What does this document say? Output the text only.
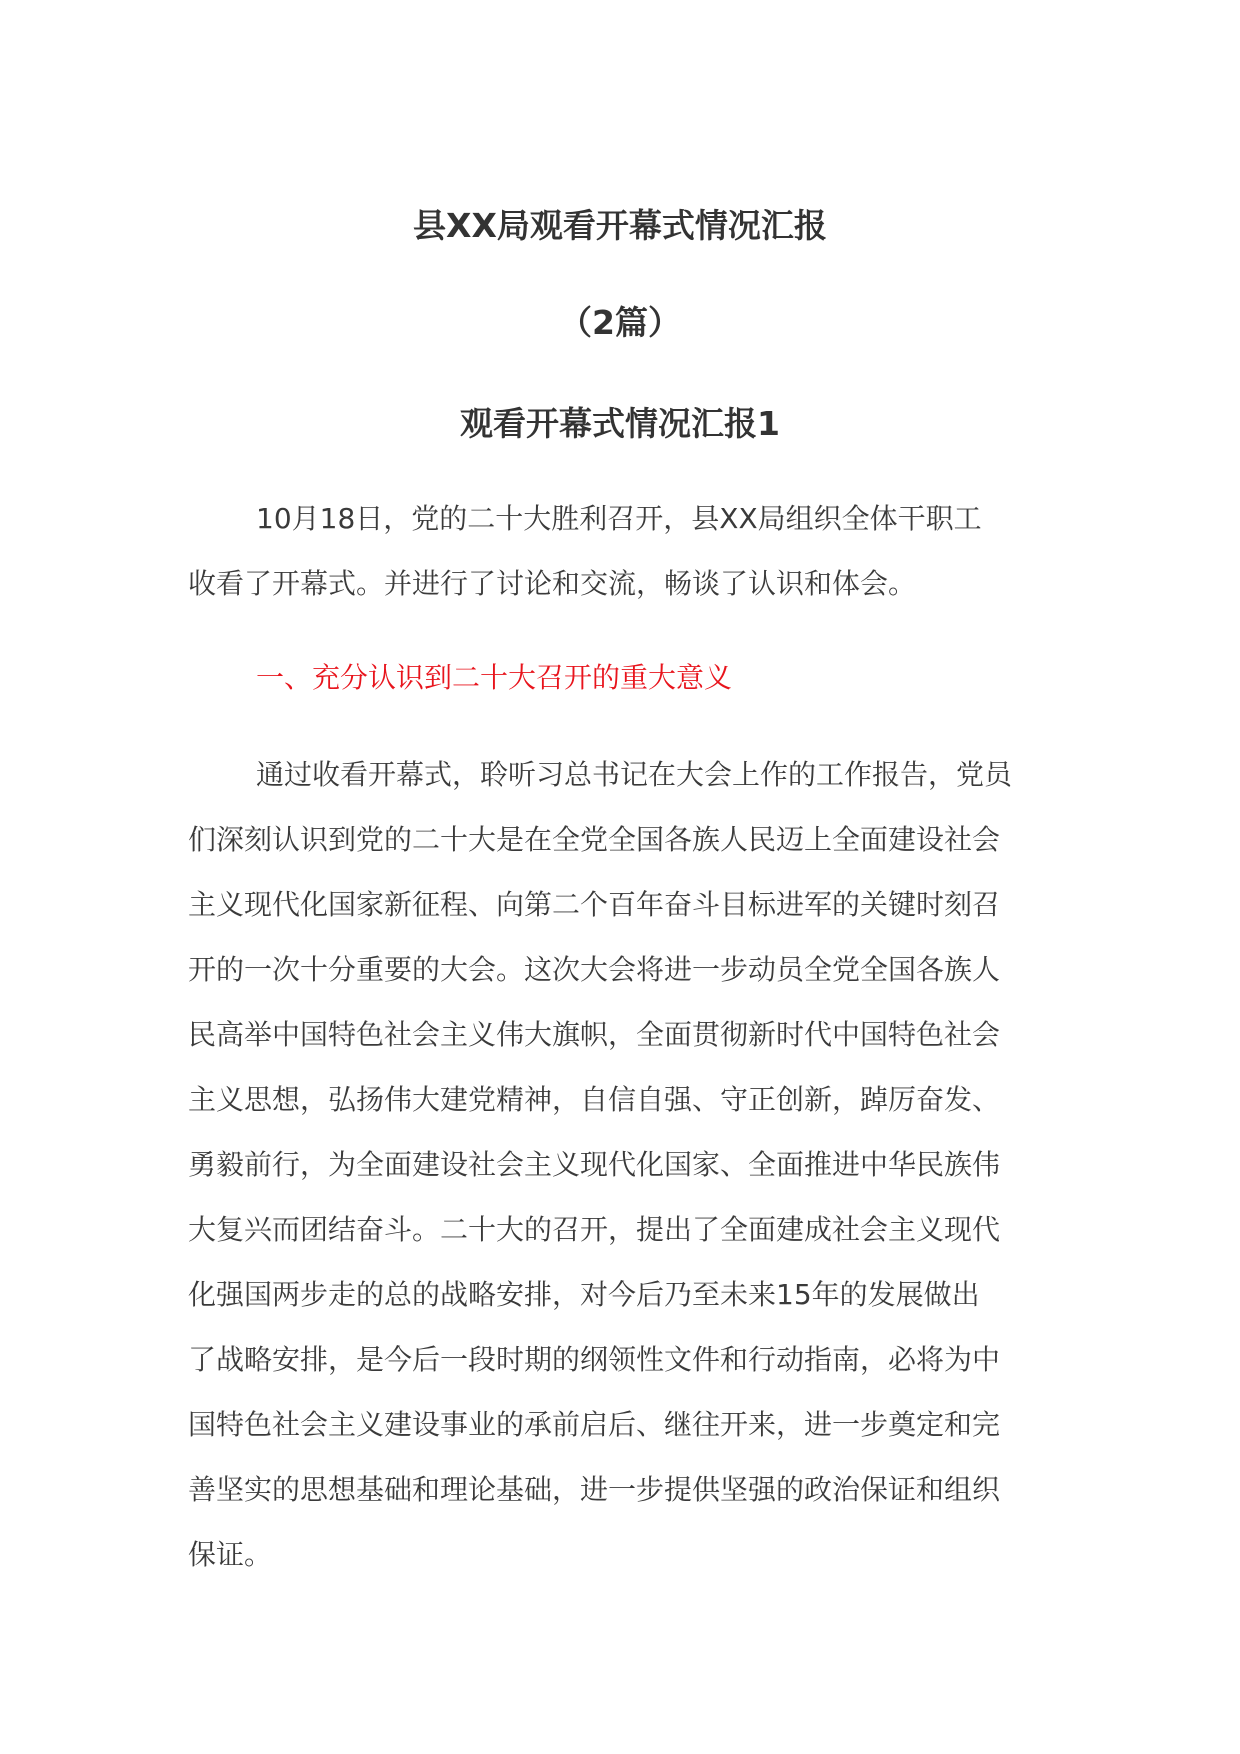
县XX局观看开幕式情况汇报
（2篇）
观看开幕式情况汇报1
10月18日，党的二十大胜利召开，县XX局组织全体干职工
收看了开幕式。并进行了讨论和交流，畅谈了认识和体会。

一、充分认识到二十大召开的重大意义

通过收看开幕式，聆听习总书记在大会上作的工作报告，党员
们深刻认识到党的二十大是在全党全国各族人民迈上全面建设社会
主义现代化国家新征程、向第二个百年奋斗目标进军的关键时刻召
开的一次十分重要的大会。这次大会将进一步动员全党全国各族人
民高举中国特色社会主义伟大旗帜，全面贯彻新时代中国特色社会
主义思想，弘扬伟大建党精神，自信自强、守正创新，踔厉奋发、
勇毅前行，为全面建设社会主义现代化国家、全面推进中华民族伟
大复兴而团结奋斗。二十大的召开，提出了全面建成社会主义现代
化强国两步走的总的战略安排，对今后乃至未来15年的发展做出
了战略安排，是今后一段时期的纲领性文件和行动指南，必将为中
国特色社会主义建设事业的承前启后、继往开来，进一步奠定和完
善坚实的思想基础和理论基础，进一步提供坚强的政治保证和组织
保证。
